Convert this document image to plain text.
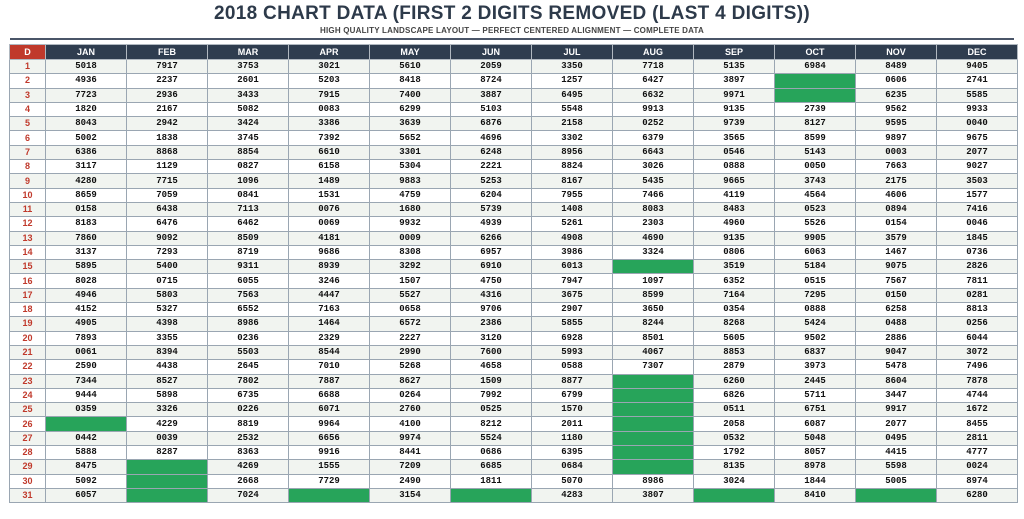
2018 CHART DATA (FIRST 2 DIGITS REMOVED (LAST 4 DIGITS))
HIGH QUALITY LANDSCAPE LAYOUT — PERFECT CENTERED ALIGNMENT — COMPLETE DATA
D	JAN	FEB	MAR	APR	MAY	JUN	JUL	AUG	SEP	OCT	NOV	DEC
1	5018	7917	3753	3021	5610	2059	3350	7718	5135	6984	8489	9405
2	4936	2237	2601	5203	8418	8724	1257	6427	3897		0606	2741
3	7723	2936	3433	7915	7400	3887	6495	6632	9971		6235	5585
4	1820	2167	5082	0083	6299	5103	5548	9913	9135	2739	9562	9933
5	8043	2942	3424	3386	3639	6876	2158	0252	9739	8127	9595	0040
6	5002	1838	3745	7392	5652	4696	3302	6379	3565	8599	9897	9675
7	6386	8868	8854	6610	3301	6248	8956	6643	0546	5143	0003	2077
8	3117	1129	0827	6158	5304	2221	8824	3026	0888	0050	7663	9027
9	4280	7715	1096	1489	9883	5253	8167	5435	9665	3743	2175	3503
10	8659	7059	0841	1531	4759	6204	7955	7466	4119	4564	4606	1577
11	0158	6438	7113	0076	1680	5739	1408	8083	8483	0523	0894	7416
12	8183	6476	6462	0069	9932	4939	5261	2303	4960	5526	0154	0046
13	7860	9092	8509	4181	0009	6266	4908	4690	9135	9905	3579	1845
14	3137	7293	8719	9686	8308	6957	3986	3324	0806	6063	1467	0736
15	5895	5400	9311	8939	3292	6910	6013		3519	5184	9075	2826
16	8028	0715	6055	3246	1507	4750	7947	1097	6352	0515	7567	7811
17	4946	5803	7563	4447	5527	4316	3675	8599	7164	7295	0150	0281
18	4152	5327	6552	7163	0658	9706	2907	3650	0354	0888	6258	8813
19	4905	4398	8986	1464	6572	2386	5855	8244	8268	5424	0488	0256
20	7893	3355	0236	2329	2227	3120	6928	8501	5605	9502	2886	6044
21	0061	8394	5503	8544	2990	7600	5993	4067	8853	6837	9047	3072
22	2590	4438	2645	7010	5268	4658	0588	7307	2879	3973	5478	7496
23	7344	8527	7802	7887	8627	1509	8877		6260	2445	8604	7878
24	9444	5898	6735	6688	0264	7992	6799		6826	5711	3447	4744
25	0359	3326	0226	6071	2760	0525	1570		0511	6751	9917	1672
26		4229	8819	9964	4100	8212	2011		2058	6087	2077	8455
27	0442	0039	2532	6656	9974	5524	1180		0532	5048	0495	2811
28	5888	8287	8363	9916	8441	0686	6395		1792	8057	4415	4777
29	8475		4269	1555	7209	6685	0684		8135	8978	5598	0024
30	5092		2668	7729	2490	1811	5070	8986	3024	1844	5005	8974
31	6057		7024		3154		4283	3807		8410		6280
